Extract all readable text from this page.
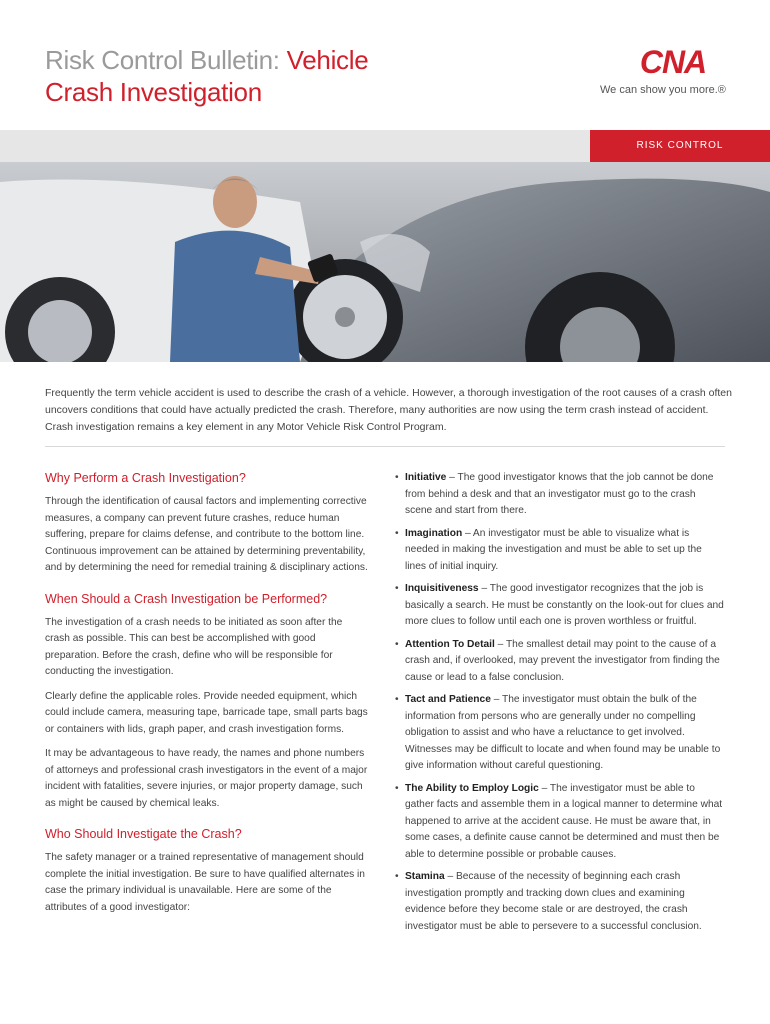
Risk Control Bulletin: Vehicle
Crash Investigation
CNA
We can show you more.®
RISK CONTROL
Frequently the term vehicle accident is used to describe the crash of a vehicle. However, a thorough investigation of the root causes of a crash often uncovers conditions that could have actually predicted the crash. Therefore, many authorities are now using the term crash instead of accident. Crash investigation remains a key element in any Motor Vehicle Risk Control Program.
Why Perform a Crash Investigation?

Through the identification of causal factors and implementing corrective measures, a company can prevent future crashes, reduce human suffering, prepare for claims defense, and contribute to the bottom line. Continuous improvement can be attained by determining preventability, and by determining the need for remedial training & disciplinary actions.

When Should a Crash Investigation be Performed?

The investigation of a crash needs to be initiated as soon after the crash as possible. This can best be accomplished with good preparation. Before the crash, define who will be responsible for conducting the investigation.

Clearly define the applicable roles. Provide needed equipment, which could include camera, measuring tape, barricade tape, small parts bags or containers with lids, graph paper, and crash investigation forms.

It may be advantageous to have ready, the names and phone numbers of attorneys and professional crash investigators in the event of a major incident with fatalities, severe injuries, or major property damage, such as might be caused by chemical leaks.

Who Should Investigate the Crash?

The safety manager or a trained representative of management should complete the initial investigation. Be sure to have qualified alternates in case the primary individual is unavailable. Here are some of the attributes of a good investigator:

• Initiative – The good investigator knows that the job cannot be done from behind a desk and that an investigator must go to the crash scene and start from there.
• Imagination – An investigator must be able to visualize what is needed in making the investigation and must be able to set up the lines of initial inquiry.
• Inquisitiveness – The good investigator recognizes that the job is basically a search. He must be constantly on the look-out for clues and more clues to follow until each one is proven worthless or fruitful.
• Attention To Detail – The smallest detail may point to the cause of a crash and, if overlooked, may prevent the investigator from finding the cause or lead to a false conclusion.
• Tact and Patience – The investigator must obtain the bulk of the information from persons who are generally under no compelling obligation to assist and who have a reluctance to get involved. Witnesses may be difficult to locate and when found may be unable to give information without careful questioning.
• The Ability to Employ Logic – The investigator must be able to gather facts and assemble them in a logical manner to determine what happened to arrive at the accident cause. He must be aware that, in some cases, a definite cause cannot be determined and must then be able to determine possible or probable causes.
• Stamina – Because of the necessity of beginning each crash investigation promptly and tracking down clues and examining evidence before they become stale or are destroyed, the crash investigator must be able to persevere to a successful conclusion.
